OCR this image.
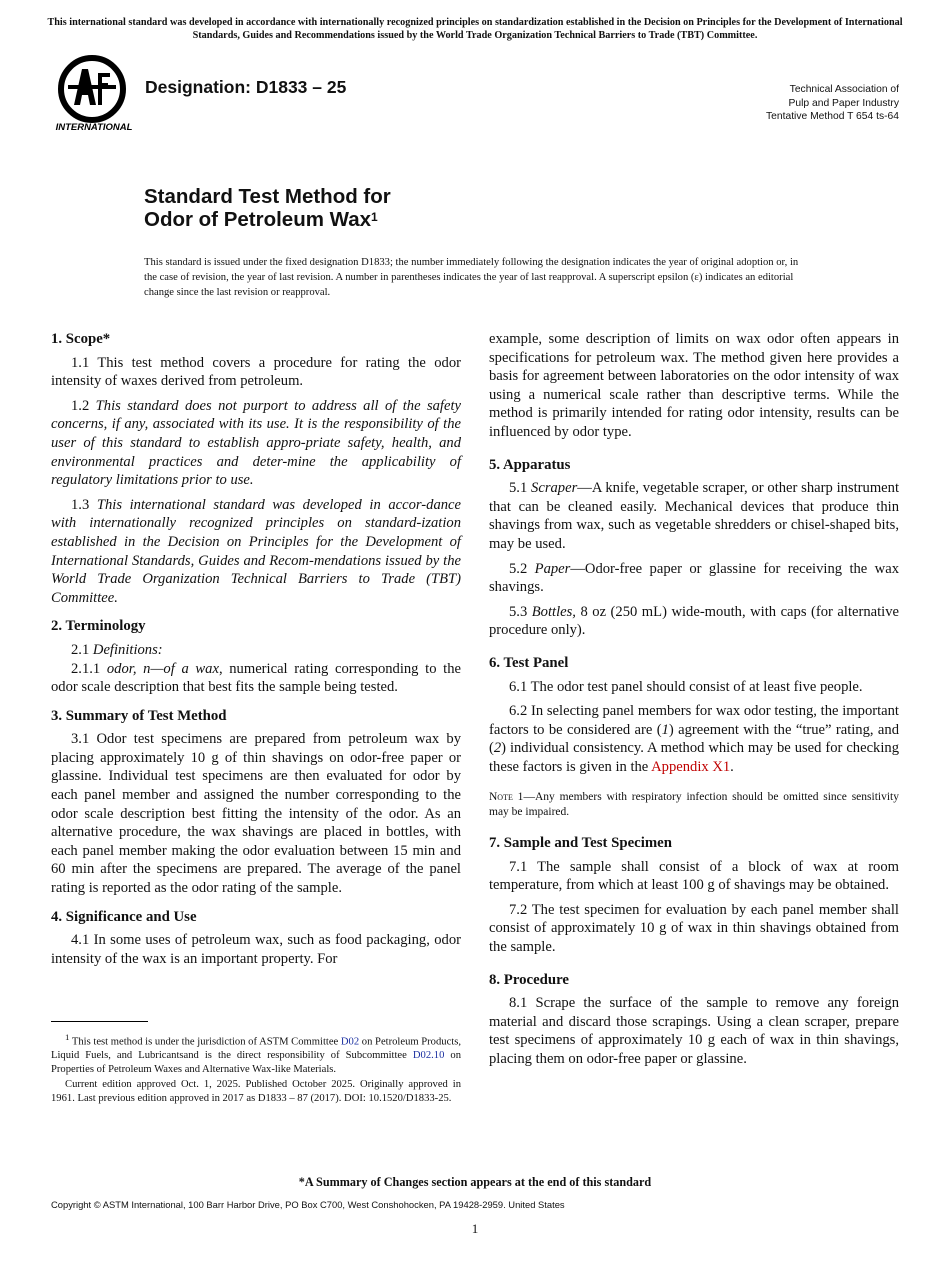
This international standard was developed in accordance with internationally recognized principles on standardization established in the Decision on Principles for the Development of International Standards, Guides and Recommendations issued by the World Trade Organization Technical Barriers to Trade (TBT) Committee.
INTERNATIONAL
Designation: D1833 – 25	Technical Association of
Pulp and Paper Industry
Tentative Method T 654 ts-64
Standard Test Method for
Odor of Petroleum Wax$^1$
This standard is issued under the fixed designation D1833; the number immediately following the designation indicates the year of original adoption or, in the case of revision, the year of last revision. A number in parentheses indicates the year of last reapproval. A superscript epsilon (ε) indicates an editorial change since the last revision or reapproval.
1. Scope*

1.1 This test method covers a procedure for rating the odor intensity of waxes derived from petroleum.

1.2 This standard does not purport to address all of the safety concerns, if any, associated with its use. It is the responsibility of the user of this standard to establish appro-priate safety, health, and environmental practices and deter-mine the applicability of regulatory limitations prior to use.

1.3 This international standard was developed in accor-dance with internationally recognized principles on standard-ization established in the Decision on Principles for the Development of International Standards, Guides and Recom-mendations issued by the World Trade Organization Technical Barriers to Trade (TBT) Committee.

2. Terminology

2.1 Definitions:

2.1.1 odor, n—of a wax, numerical rating corresponding to the odor scale description that best fits the sample being tested.

3. Summary of Test Method

3.1 Odor test specimens are prepared from petroleum wax by placing approximately 10 g of thin shavings on odor-free paper or glassine. Individual test specimens are then evaluated for odor by each panel member and assigned the number corresponding to the odor scale description best fitting the intensity of the odor. As an alternative procedure, the wax shavings are placed in bottles, with each panel member making the odor evaluation between 15 min and 60 min after the specimens are prepared. The average of the panel rating is reported as the odor rating of the sample.

4. Significance and Use

4.1 In some uses of petroleum wax, such as food packaging, odor intensity of the wax is an important property. For

example, some description of limits on wax odor often appears in specifications for petroleum wax. The method given here provides a basis for agreement between laboratories on the odor intensity of wax using a numerical scale rather than descriptive terms. While the method is primarily intended for rating odor intensity, results can be influenced by odor type.

5. Apparatus

5.1 Scraper—A knife, vegetable scraper, or other sharp instrument that can be cleaned easily. Mechanical devices that produce thin shavings from wax, such as vegetable shredders or chisel-shaped bits, may be used.

5.2 Paper—Odor-free paper or glassine for receiving the wax shavings.

5.3 Bottles, 8 oz (250 mL) wide-mouth, with caps (for alternative procedure only).

6. Test Panel

6.1 The odor test panel should consist of at least five people.

6.2 In selecting panel members for wax odor testing, the important factors to be considered are (1) agreement with the “true” rating, and (2) individual consistency. A method which may be used for checking these factors is given in the Appendix X1.

Note 1—Any members with respiratory infection should be omitted since sensitivity may be impaired.

7. Sample and Test Specimen

7.1 The sample shall consist of a block of wax at room temperature, from which at least 100 g of shavings may be obtained.

7.2 The test specimen for evaluation by each panel member shall consist of approximately 10 g of wax in thin shavings obtained from the sample.

8. Procedure

8.1 Scrape the surface of the sample to remove any foreign material and discard those scrapings. Using a clean scraper, prepare test specimens of approximately 10 g each of wax in thin shavings, placing them on odor-free paper or glassine.

$^1$ This test method is under the jurisdiction of ASTM Committee D02 on Petroleum Products, Liquid Fuels, and Lubricantsand is the direct responsibility of Subcommittee D02.10 on Properties of Petroleum Waxes and Alternative Wax-like Materials.

Current edition approved Oct. 1, 2025. Published October 2025. Originally approved in 1961. Last previous edition approved in 2017 as D1833 – 87 (2017). DOI: 10.1520/D1833-25.

*A Summary of Changes section appears at the end of this standard
Copyright © ASTM International, 100 Barr Harbor Drive, PO Box C700, West Conshohocken, PA 19428-2959. United States
1
